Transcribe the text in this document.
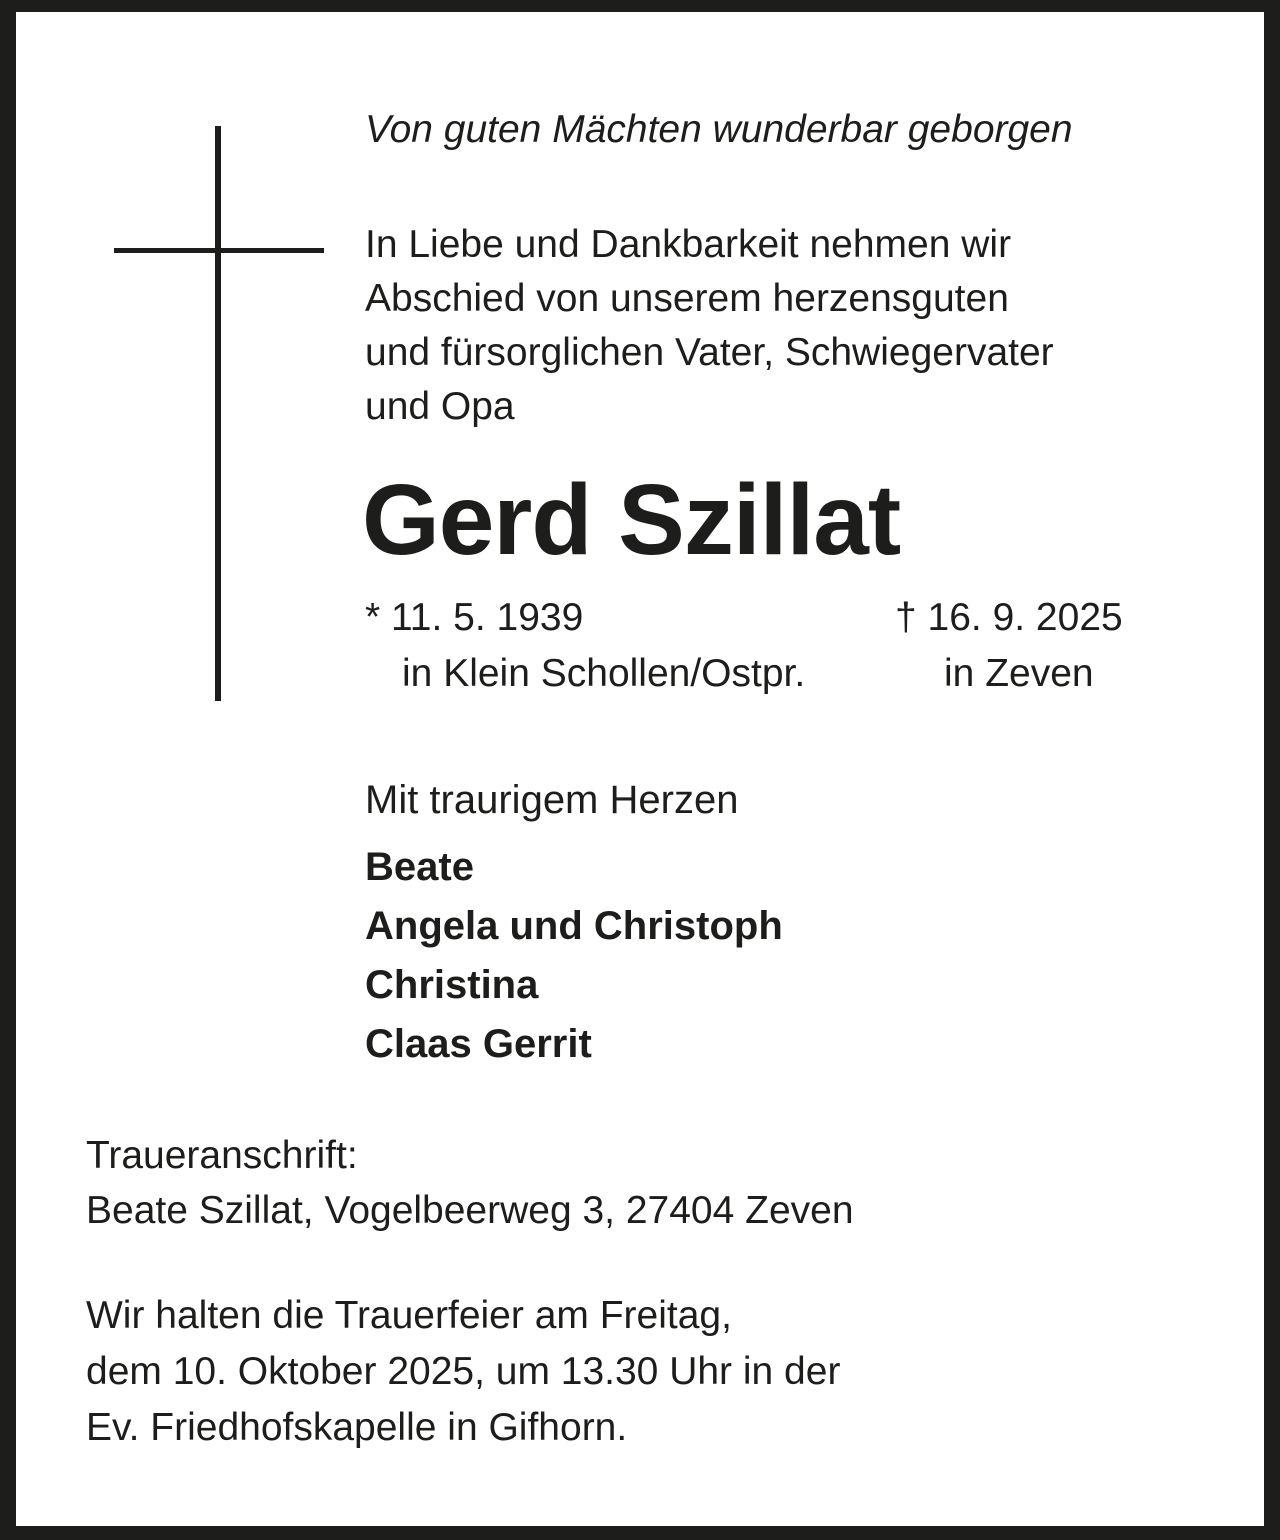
Von guten Mächten wunderbar geborgen

In Liebe und Dankbarkeit nehmen wir
Abschied von unserem herzensguten
und fürsorglichen Vater, Schwiegervater
und Opa
Gerd Szillat

* 11. 5. 1939	† 16. 9. 2025

in Klein Schollen/Ostpr.	in Zeven

Mit traurigem Herzen

Beate
Angela und Christoph
Christina
Claas Gerrit
Traueranschrift:
Beate Szillat, Vogelbeerweg 3, 27404 Zeven
Wir halten die Trauerfeier am Freitag,
dem 10. Oktober 2025, um 13.30 Uhr in der
Ev. Friedhofskapelle in Gifhorn.
